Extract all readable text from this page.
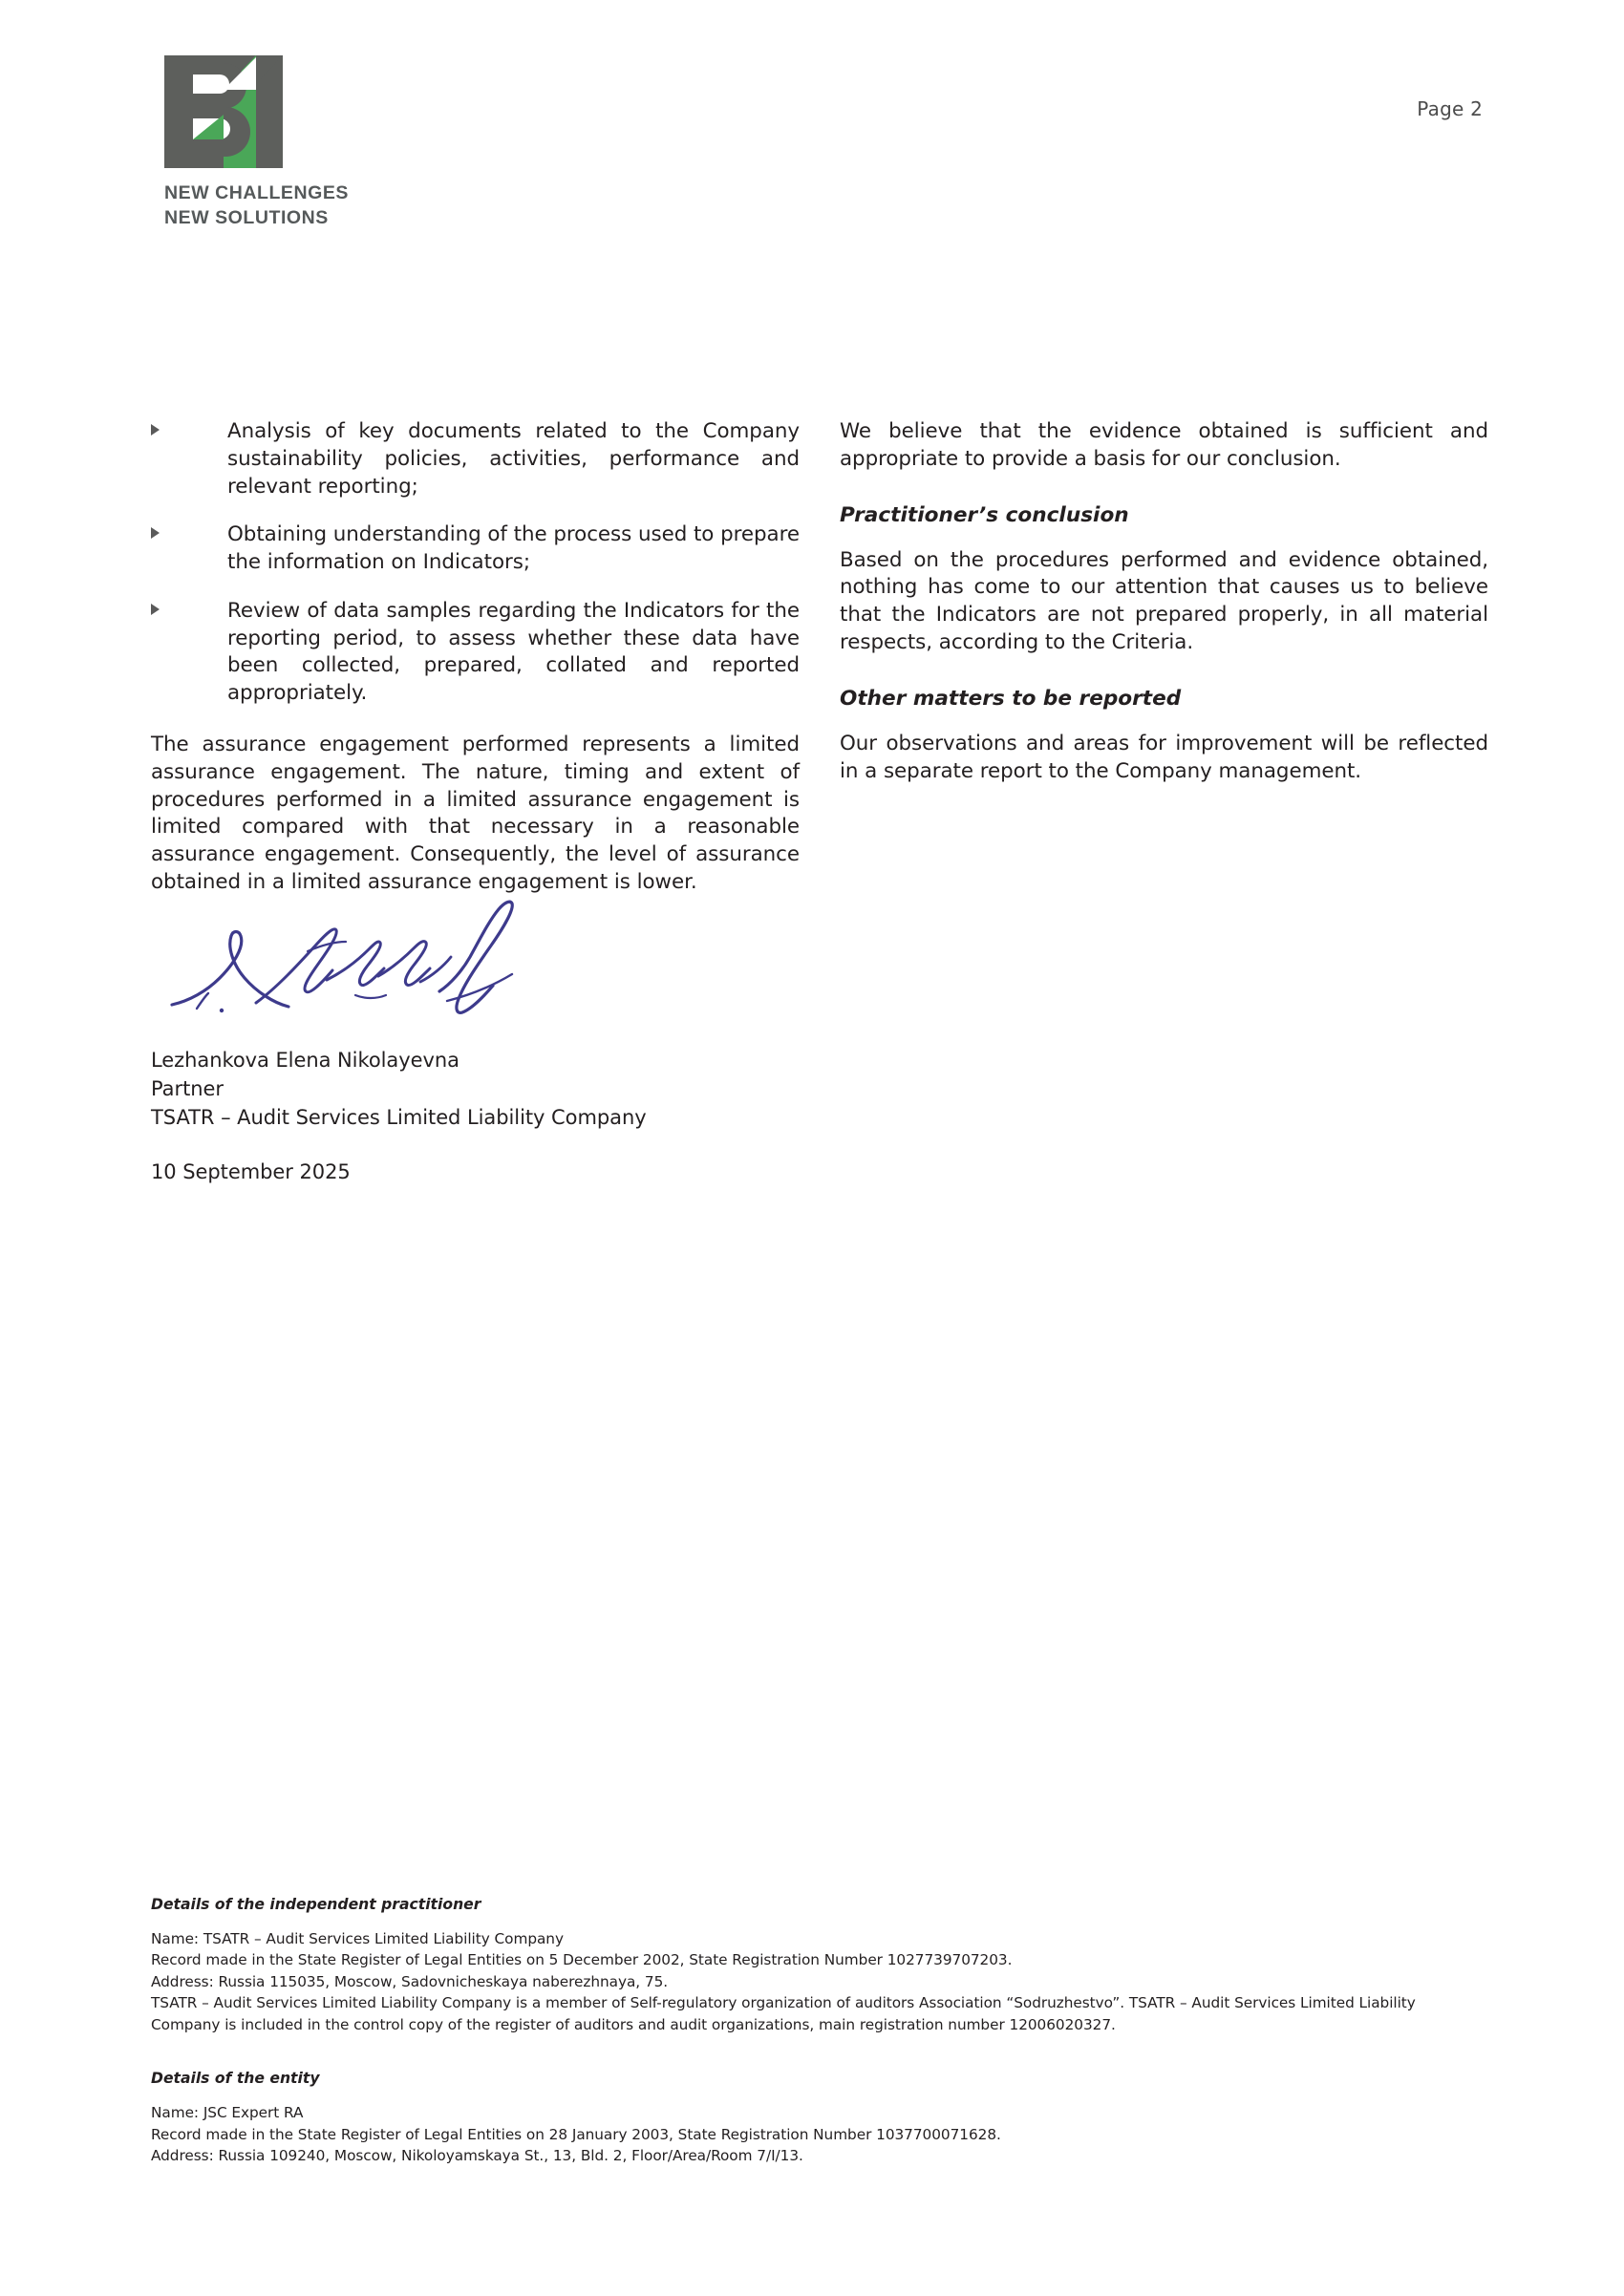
NEW CHALLENGES
NEW SOLUTIONS
Page 2
Analysis of key documents related to the Company sustainability policies, activities, performance and relevant reporting;
Obtaining understanding of the process used to prepare the information on Indicators;
Review of data samples regarding the Indicators for the reporting period, to assess whether these data have been collected, prepared, collated and reported appropriately.

The assurance engagement performed represents a limited assurance engagement. The nature, timing and extent of procedures performed in a limited assurance engagement is limited compared with that necessary in a reasonable assurance engagement. Consequently, the level of assurance obtained in a limited assurance engagement is lower.

We believe that the evidence obtained is sufficient and appropriate to provide a basis for our conclusion.

Practitioner’s conclusion

Based on the procedures performed and evidence obtained, nothing has come to our attention that causes us to believe that the Indicators are not prepared properly, in all material respects, according to the Criteria.

Other matters to be reported

Our observations and areas for improvement will be reflected in a separate report to the Company management.

Lezhankova Elena Nikolayevna
Partner
TSATR – Audit Services Limited Liability Company
10 September 2025
Details of the independent practitioner
Name: TSATR – Audit Services Limited Liability Company
Record made in the State Register of Legal Entities on 5 December 2002, State Registration Number 1027739707203.
Address: Russia 115035, Moscow, Sadovnicheskaya naberezhnaya, 75.
TSATR – Audit Services Limited Liability Company is a member of Self-regulatory organization of auditors Association “Sodruzhestvo”. TSATR – Audit Services Limited Liability Company is included in the control copy of the register of auditors and audit organizations, main registration number 12006020327.
Details of the entity
Name: JSC Expert RA
Record made in the State Register of Legal Entities on 28 January 2003, State Registration Number 1037700071628.
Address: Russia 109240, Moscow, Nikoloyamskaya St., 13, Bld. 2, Floor/Area/Room 7/I/13.
